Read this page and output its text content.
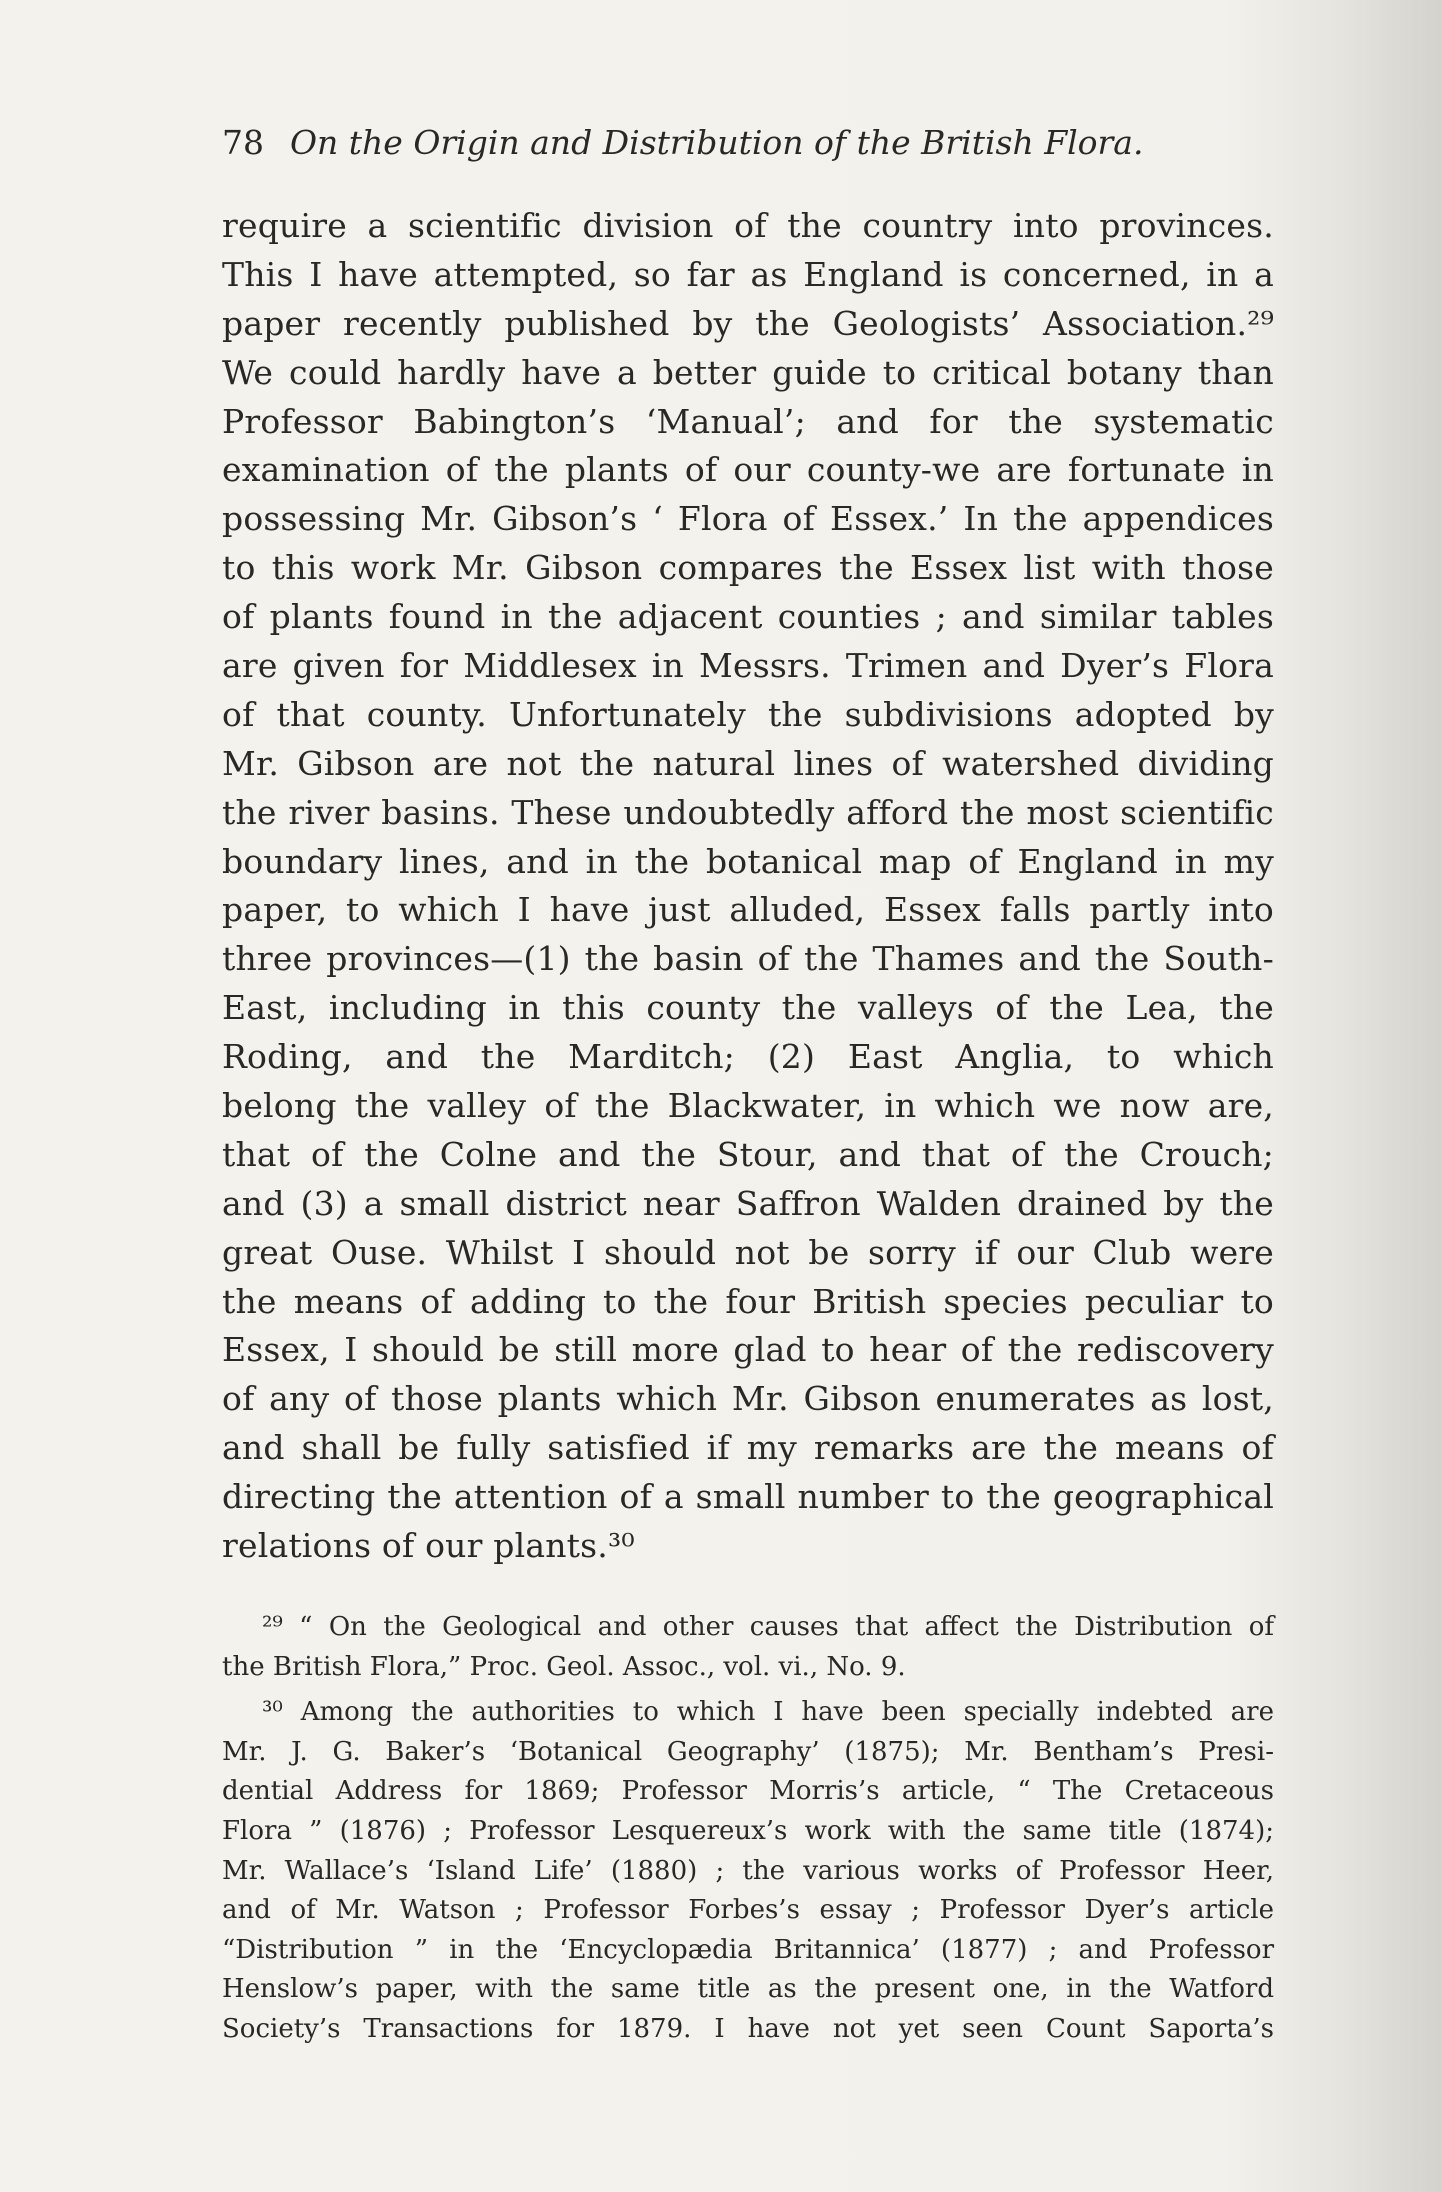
78 On the Origin and Distribution of the British Flora.
require a scientific division of the country into provinces.
This I have attempted, so far as England is concerned, in a
paper recently published by the Geologists’ Association.²⁹
We could hardly have a better guide to critical botany than
Professor Babington’s ‘Manual’; and for the systematic
examination of the plants of our county-we are fortunate in
possessing Mr. Gibson’s ‘ Flora of Essex.’ In the appendices
to this work Mr. Gibson compares the Essex list with those
of plants found in the adjacent counties ; and similar tables
are given for Middlesex in Messrs. Trimen and Dyer’s Flora
of that county. Unfortunately the subdivisions adopted by
Mr. Gibson are not the natural lines of watershed dividing
the river basins. These undoubtedly afford the most scientific
boundary lines, and in the botanical map of England in my
paper, to which I have just alluded, Essex falls partly into
three provinces—(1) the basin of the Thames and the South-
East, including in this county the valleys of the Lea, the
Roding, and the Marditch; (2) East Anglia, to which
belong the valley of the Blackwater, in which we now are,
that of the Colne and the Stour, and that of the Crouch;
and (3) a small district near Saffron Walden drained by the
great Ouse. Whilst I should not be sorry if our Club were
the means of adding to the four British species peculiar to
Essex, I should be still more glad to hear of the rediscovery
of any of those plants which Mr. Gibson enumerates as lost,
and shall be fully satisfied if my remarks are the means of
directing the attention of a small number to the geographical
relations of our plants.³⁰
²⁹ “ On the Geological and other causes that affect the Distribution of
the British Flora,” Proc. Geol. Assoc., vol. vi., No. 9.
³⁰ Among the authorities to which I have been specially indebted are
Mr. J. G. Baker’s ‘Botanical Geography’ (1875); Mr. Bentham’s Presi-
dential Address for 1869; Professor Morris’s article, “ The Cretaceous
Flora ” (1876) ; Professor Lesquereux’s work with the same title (1874);
Mr. Wallace’s ‘Island Life’ (1880) ; the various works of Professor Heer,
and of Mr. Watson ; Professor Forbes’s essay ; Professor Dyer’s article
“Distribution ” in the ‘Encyclopædia Britannica’ (1877) ; and Professor
Henslow’s paper, with the same title as the present one, in the Watford
Society’s Transactions for 1879. I have not yet seen Count Saporta’s
